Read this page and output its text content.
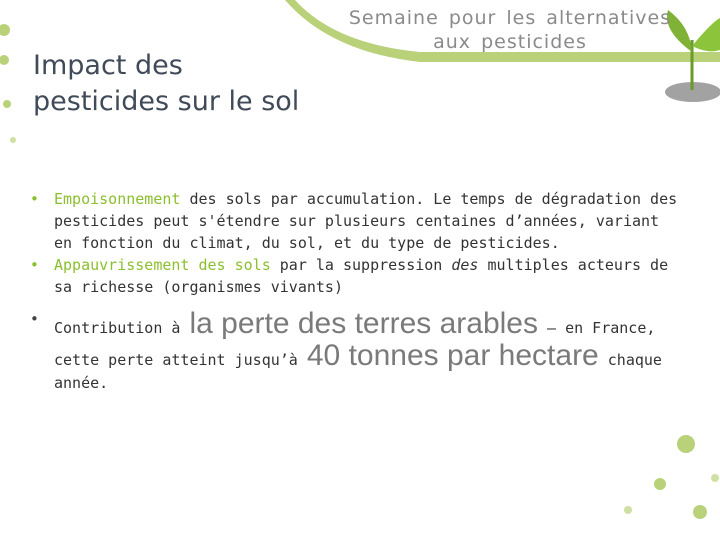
Semaine pour les alternatives
aux pesticides
Impact des
pesticides sur le sol
• Empoisonnement des sols par accumulation. Le temps de dégradation des pesticides peut s'étendre sur plusieurs centaines d’années, variant en fonction du climat, du sol, et du type de pesticides.
• Appauvrissement des sols par la suppression des multiples acteurs de sa richesse (organismes vivants)
• Contribution à la perte des terres arables – en France, cette perte atteint jusqu’à 40 tonnes par hectare chaque année.
